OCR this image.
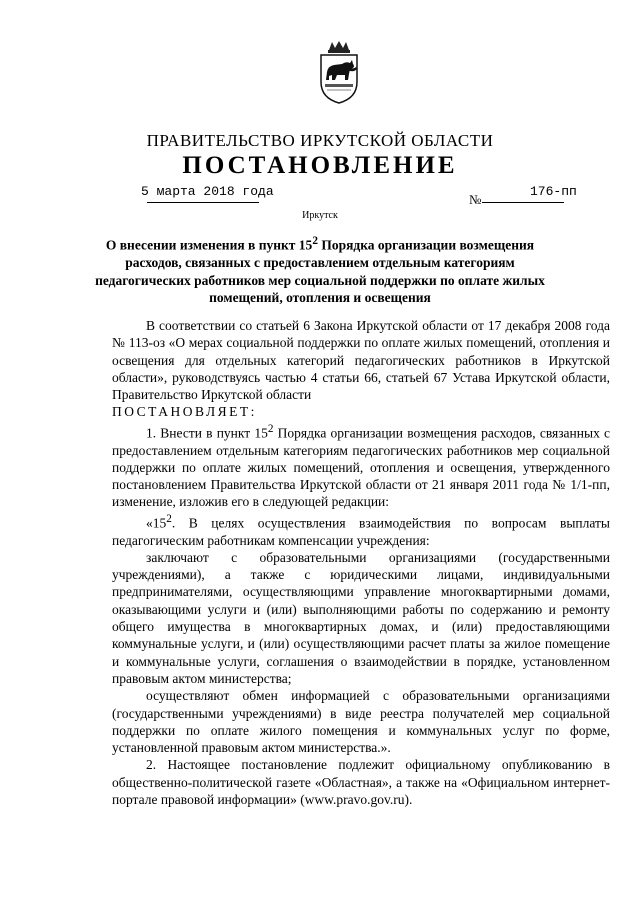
ПРАВИТЕЛЬСТВО ИРКУТСКОЙ ОБЛАСТИ
ПОСТАНОВЛЕНИЕ
5 марта 2018 года
№
176-пп
Иркутск
О внесении изменения в пункт $15^2$ Порядка организации возмещения расходов, связанных с предоставлением отдельным категориям педагогических работников мер социальной поддержки по оплате жилых помещений, отопления и освещения

В соответствии со статьей 6 Закона Иркутской области от 17 декабря 2008 года № 113-оз «О мерах социальной поддержки по оплате жилых помещений, отопления и освещения для отдельных категорий педагогических работников в Иркутской области», руководствуясь частью 4 статьи 66, статьей 67 Устава Иркутской области, Правительство Иркутской области

ПОСТАНОВЛЯЕТ:

1. Внести в пункт $15^2$ Порядка организации возмещения расходов, связанных с предоставлением отдельным категориям педагогических работников мер социальной поддержки по оплате жилых помещений, отопления и освещения, утвержденного постановлением Правительства Иркутской области от 21 января 2011 года № 1/1-пп, изменение, изложив его в следующей редакции:

«$15^2$. В целях осуществления взаимодействия по вопросам выплаты педагогическим работникам компенсации учреждения:

заключают с образовательными организациями (государственными учреждениями), а также с юридическими лицами, индивидуальными предпринимателями, осуществляющими управление многоквартирными домами, оказывающими услуги и (или) выполняющими работы по содержанию и ремонту общего имущества в многоквартирных домах, и (или) предоставляющими коммунальные услуги, и (или) осуществляющими расчет платы за жилое помещение и коммунальные услуги, соглашения о взаимодействии в порядке, установленном правовым актом министерства;

осуществляют обмен информацией с образовательными организациями (государственными учреждениями) в виде реестра получателей мер социальной поддержки по оплате жилого помещения и коммунальных услуг по форме, установленной правовым актом министерства.».

2. Настоящее постановление подлежит официальному опубликованию в общественно-политической газете «Областная», а также на «Официальном интернет-портале правовой информации» (www.pravo.gov.ru).
